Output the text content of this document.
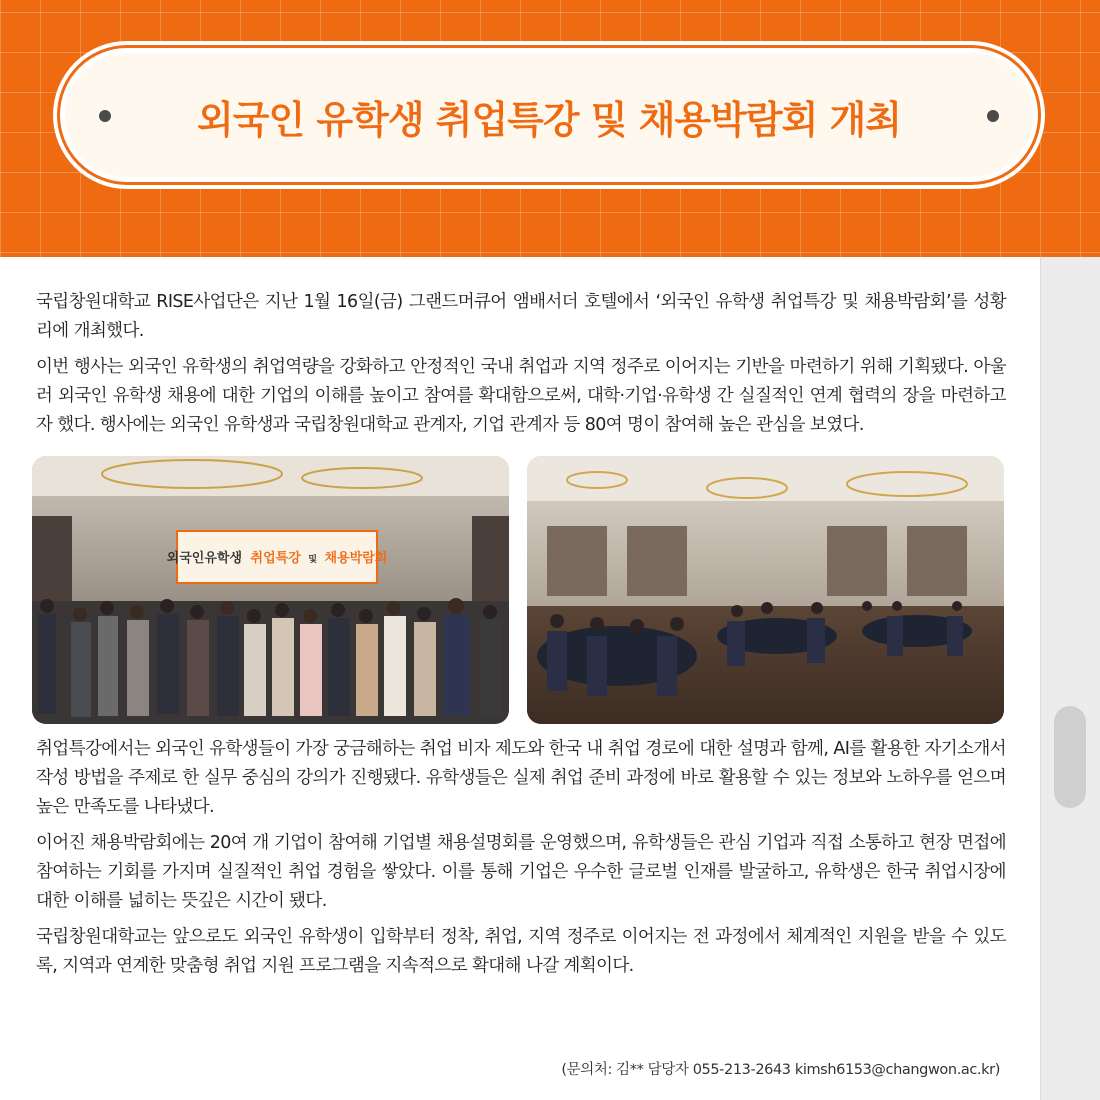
외국인 유학생 취업특강 및 채용박람회 개최

국립창원대학교 RISE사업단은 지난 1월 16일(금) 그랜드머큐어 앰배서더 호텔에서 ‘외국인 유학생 취업특강 및 채용박람회’를 성황리에 개최했다.

이번 행사는 외국인 유학생의 취업역량을 강화하고 안정적인 국내 취업과 지역 정주로 이어지는 기반을 마련하기 위해 기획됐다. 아울러 외국인 유학생 채용에 대한 기업의 이해를 높이고 참여를 확대함으로써, 대학·기업·유학생 간 실질적인 연계 협력의 장을 마련하고자 했다. 행사에는 외국인 유학생과 국립창원대학교 관계자, 기업 관계자 등 80여 명이 참여해 높은 관심을 보였다.

외국인유학생 취업특강 및 채용박람회

취업특강에서는 외국인 유학생들이 가장 궁금해하는 취업 비자 제도와 한국 내 취업 경로에 대한 설명과 함께, AI를 활용한 자기소개서 작성 방법을 주제로 한 실무 중심의 강의가 진행됐다. 유학생들은 실제 취업 준비 과정에 바로 활용할 수 있는 정보와 노하우를 얻으며 높은 만족도를 나타냈다.

이어진 채용박람회에는 20여 개 기업이 참여해 기업별 채용설명회를 운영했으며, 유학생들은 관심 기업과 직접 소통하고 현장 면접에 참여하는 기회를 가지며 실질적인 취업 경험을 쌓았다. 이를 통해 기업은 우수한 글로벌 인재를 발굴하고, 유학생은 한국 취업시장에 대한 이해를 넓히는 뜻깊은 시간이 됐다.

국립창원대학교는 앞으로도 외국인 유학생이 입학부터 정착, 취업, 지역 정주로 이어지는 전 과정에서 체계적인 지원을 받을 수 있도록, 지역과 연계한 맞춤형 취업 지원 프로그램을 지속적으로 확대해 나갈 계획이다.

(문의처: 김** 담당자 055-213-2643 kimsh6153@changwon.ac.kr)
